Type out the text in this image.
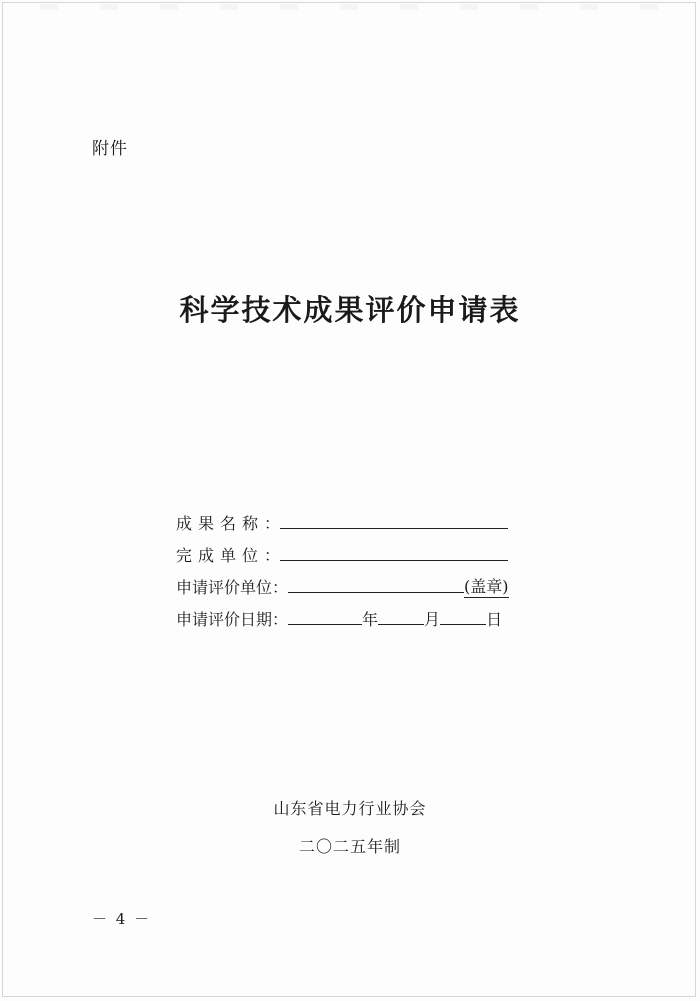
附件
科学技术成果评价申请表
成果名称 ：
完成单位 ：
申请评价单位 ：	(盖章)
申请评价日期 ：	年	月	日
山东省电力行业协会
二〇二五年制
－ 4 －
